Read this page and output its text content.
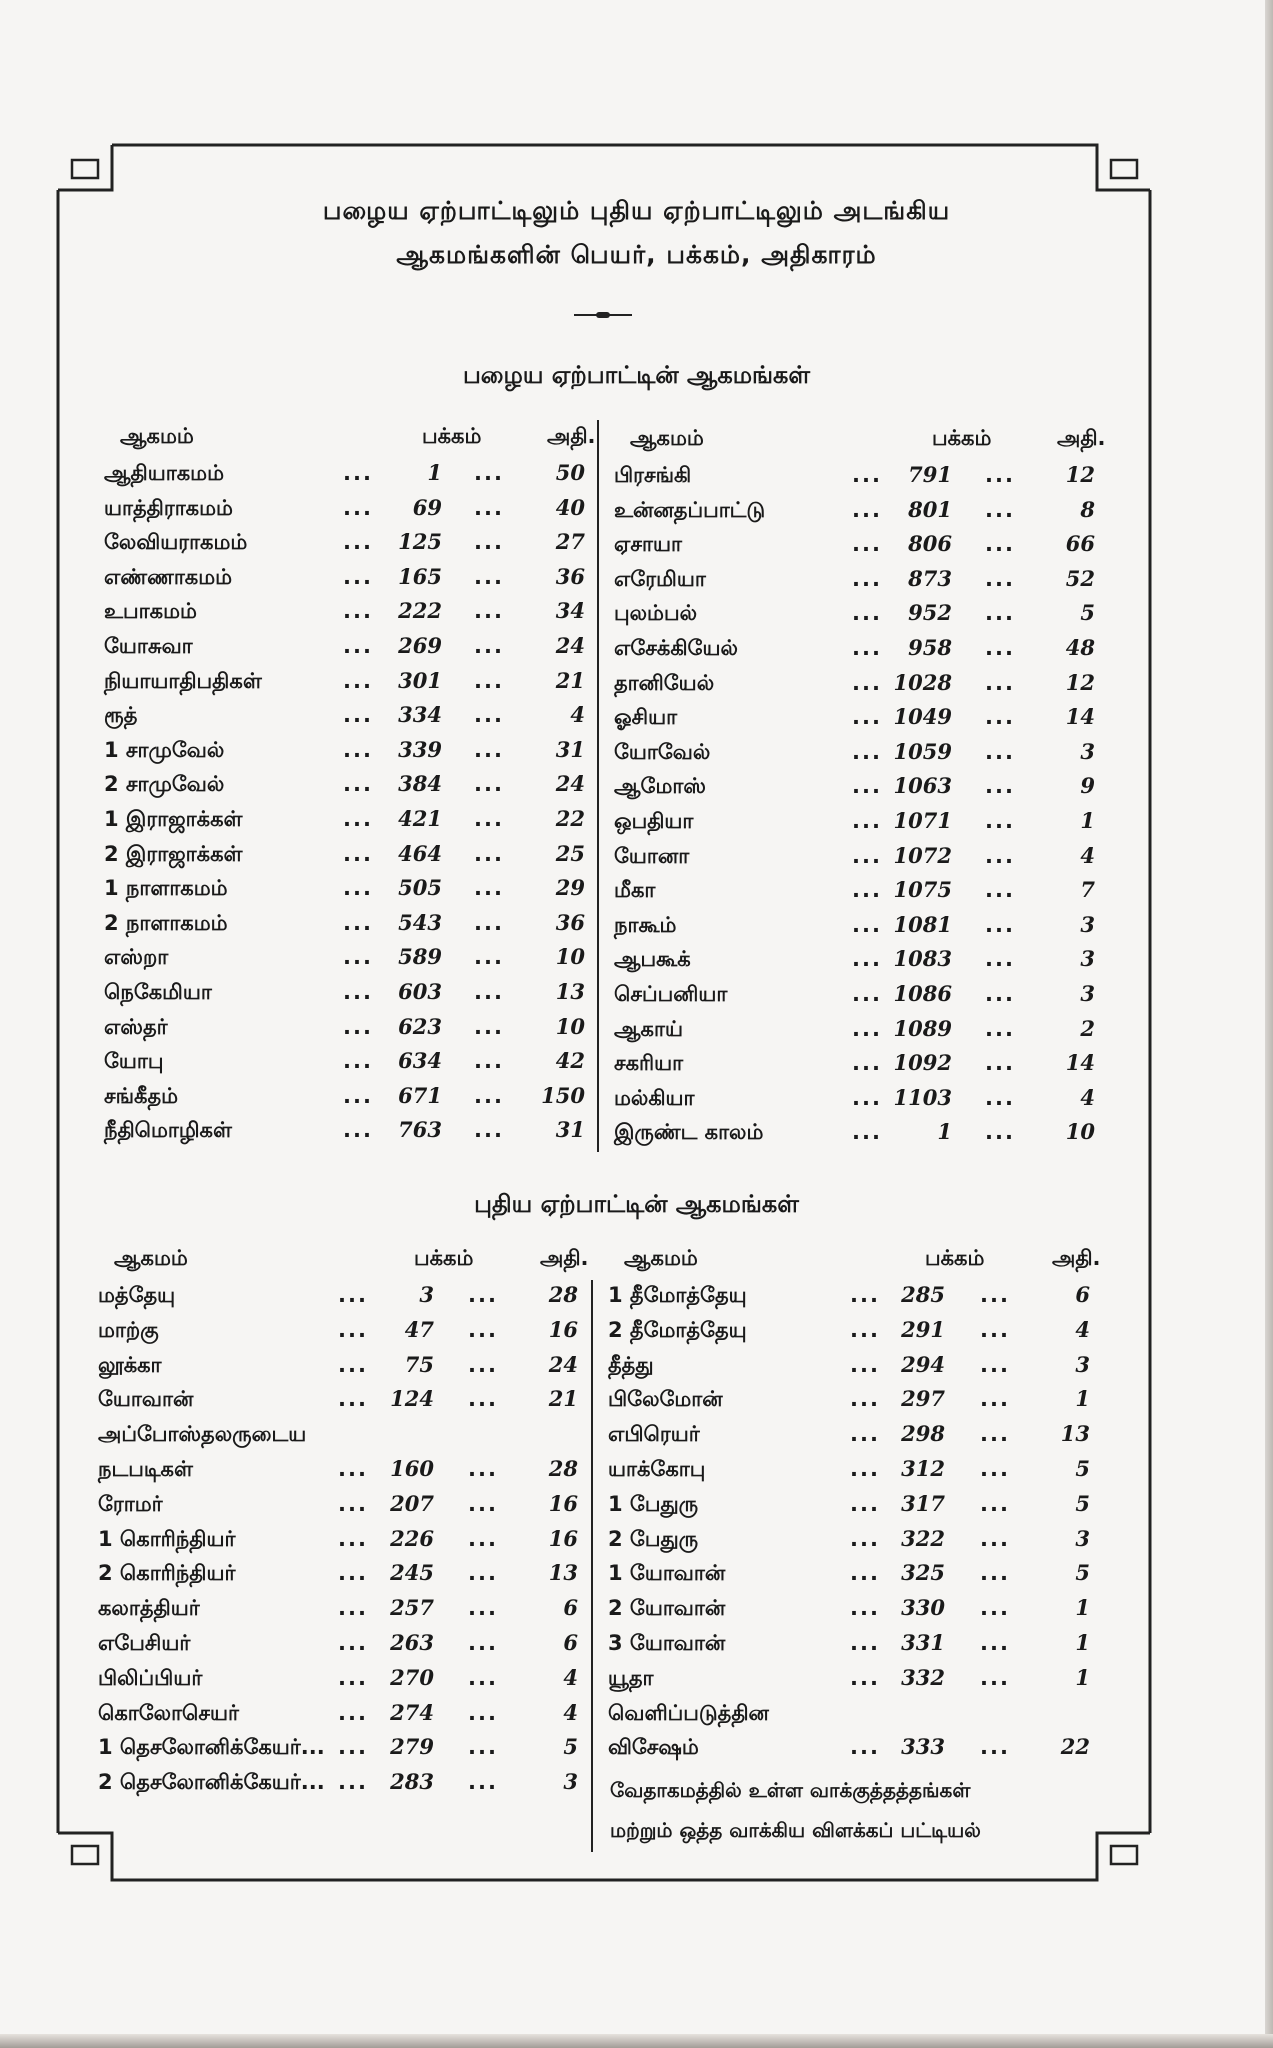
பழைய ஏற்பாட்டிலும் புதிய ஏற்பாட்டிலும் அடங்கிய
ஆகமங்களின் பெயர், பக்கம், அதிகாரம்
பழைய ஏற்பாட்டின் ஆகமங்கள்
புதிய ஏற்பாட்டின் ஆகமங்கள்
ஆகமம்	பக்கம்	அதி.
ஆதியாகமம்	...	1 ...	50
யாத்திராகமம்	...	69 ...	40
லேவியராகமம்	...	125 ...	27
எண்ணாகமம்	...	165 ...	36
உபாகமம்	...	222 ...	34
யோசுவா	...	269 ...	24
நியாயாதிபதிகள்	...	301 ...	21
ரூத்	...	334 ...	4
1 சாமுவேல்	...	339 ...	31
2 சாமுவேல்	...	384 ...	24
1 இராஜாக்கள்	...	421 ...	22
2 இராஜாக்கள்	...	464 ...	25
1 நாளாகமம்	...	505 ...	29
2 நாளாகமம்	...	543 ...	36
எஸ்றா	...	589 ...	10
நெகேமியா	...	603 ...	13
எஸ்தர்	...	623 ...	10
யோபு	...	634 ...	42
சங்கீதம்	...	671 ...	150
நீதிமொழிகள்	...	763 ...	31
ஆகமம்	பக்கம்	அதி.
பிரசங்கி	...	791 ...	12
உன்னதப்பாட்டு	...	801 ...	8
ஏசாயா	...	806 ...	66
எரேமியா	...	873 ...	52
புலம்பல்	...	952 ...	5
எசேக்கியேல்	...	958 ...	48
தானியேல்	... 1028 ...	12
ஓசியா	... 1049 ...	14
யோவேல்	... 1059 ...	3
ஆமோஸ்	... 1063 ...	9
ஒபதியா	... 1071 ...	1
யோனா	... 1072 ...	4
மீகா	... 1075 ...	7
நாகூம்	... 1081 ...	3
ஆபகூக்	... 1083 ...	3
செப்பனியா	... 1086 ...	3
ஆகாய்	... 1089 ...	2
சகரியா	... 1092 ...	14
மல்கியா	... 1103 ...	4
இருண்ட காலம்	...	1 ...	10
ஆகமம்	பக்கம்	அதி.
மத்தேயு	...	3 ...	28
மாற்கு	...	47 ...	16
லூக்கா	...	75 ...	24
யோவான்	...	124 ...	21
அப்போஸ்தலருடைய
நடபடிகள்	...	160 ...	28
ரோமர்	...	207 ...	16
1 கொரிந்தியர்	...	226 ...	16
2 கொரிந்தியர்	...	245 ...	13
கலாத்தியர்	...	257 ...	6
எபேசியர்	...	263 ...	6
பிலிப்பியர்	...	270 ...	4
கொலோசெயர்	...	274 ...	4
1 தெசலோனிக்கேயர்... ...	279 ...	5
2 தெசலோனிக்கேயர்... ...	283 ...	3
ஆகமம்	பக்கம்	அதி.
1 தீமோத்தேயு	...	285 ...	6
2 தீமோத்தேயு	...	291 ...	4
தீத்து	...	294 ...	3
பிலேமோன்	...	297 ...	1
எபிரெயர்	...	298 ...	13
யாக்கோபு	...	312 ...	5
1 பேதுரு	...	317 ...	5
2 பேதுரு	...	322 ...	3
1 யோவான்	...	325 ...	5
2 யோவான்	...	330 ...	1
3 யோவான்	...	331 ...	1
யூதா	...	332 ...	1
வெளிப்படுத்தின
விசேஷம்	...	333 ...	22
வேதாகமத்தில் உள்ள வாக்குத்தத்தங்கள்
மற்றும் ஒத்த வாக்கிய விளக்கப் பட்டியல்
